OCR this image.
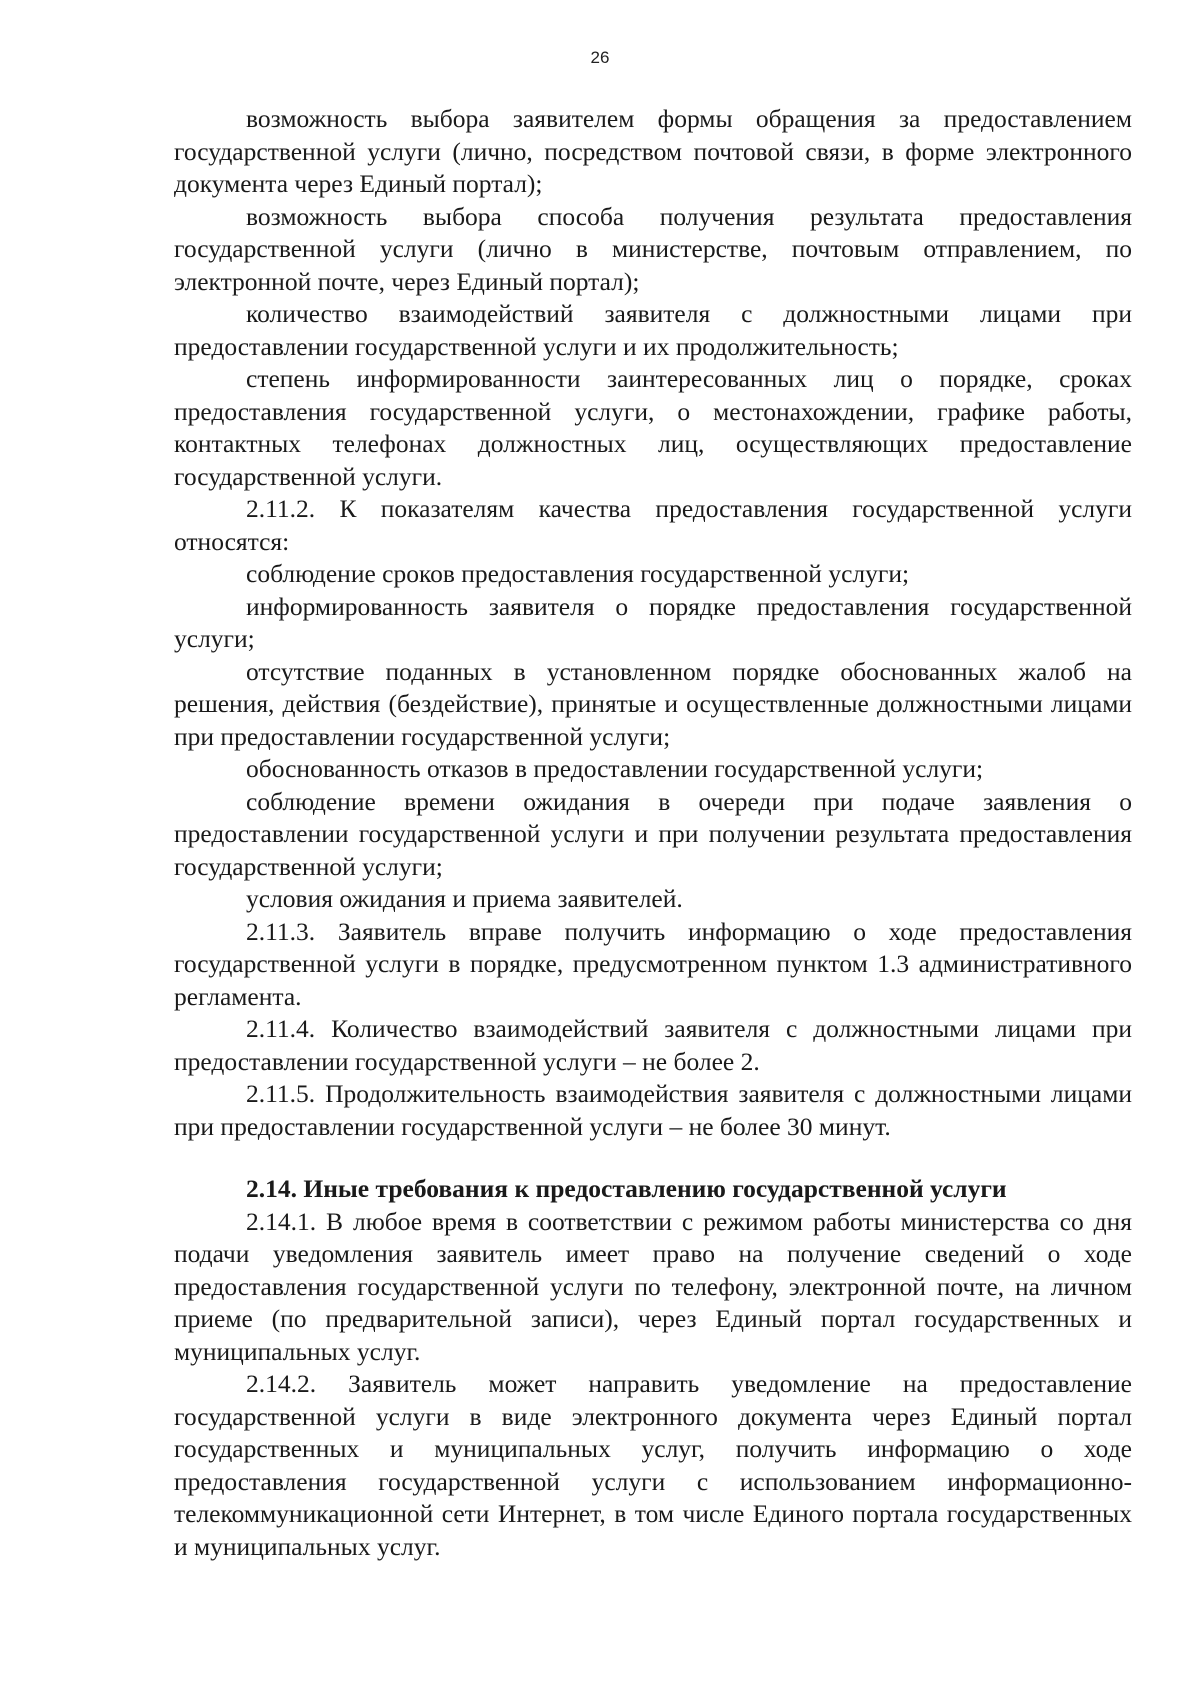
26

возможность выбора заявителем формы обращения за предоставлением государственной услуги (лично, посредством почтовой связи, в форме электронного документа через Единый портал);

возможность выбора способа получения результата предоставления государственной услуги (лично в министерстве, почтовым отправлением, по электронной почте, через Единый портал);

количество взаимодействий заявителя с должностными лицами при предоставлении государственной услуги и их продолжительность;

степень информированности заинтересованных лиц о порядке, сроках предоставления государственной услуги, о местонахождении, графике работы, контактных телефонах должностных лиц, осуществляющих предоставление государственной услуги.

2.11.2. К показателям качества предоставления государственной услуги относятся:

соблюдение сроков предоставления государственной услуги;

информированность заявителя о порядке предоставления государственной услуги;

отсутствие поданных в установленном порядке обоснованных жалоб на решения, действия (бездействие), принятые и осуществленные должностными лицами при предоставлении государственной услуги;

обоснованность отказов в предоставлении государственной услуги;

соблюдение времени ожидания в очереди при подаче заявления о предоставлении государственной услуги и при получении результата предоставления государственной услуги;

условия ожидания и приема заявителей.

2.11.3. Заявитель вправе получить информацию о ходе предоставления государственной услуги в порядке, предусмотренном пунктом 1.3 административного регламента.

2.11.4. Количество взаимодействий заявителя с должностными лицами при предоставлении государственной услуги – не более 2.

2.11.5. Продолжительность взаимодействия заявителя с должностными лицами при предоставлении государственной услуги – не более 30 минут.

2.14. Иные требования к предоставлению государственной услуги

2.14.1. В любое время в соответствии с режимом работы министерства со дня подачи уведомления заявитель имеет право на получение сведений о ходе предоставления государственной услуги по телефону, электронной почте, на личном приеме (по предварительной записи), через Единый портал государственных и муниципальных услуг.

2.14.2. Заявитель может направить уведомление на предоставление государственной услуги в виде электронного документа через Единый портал государственных и муниципальных услуг, получить информацию о ходе предоставления государственной услуги с использованием информационно-телекоммуникационной сети Интернет, в том числе Единого портала государственных и муниципальных услуг.
